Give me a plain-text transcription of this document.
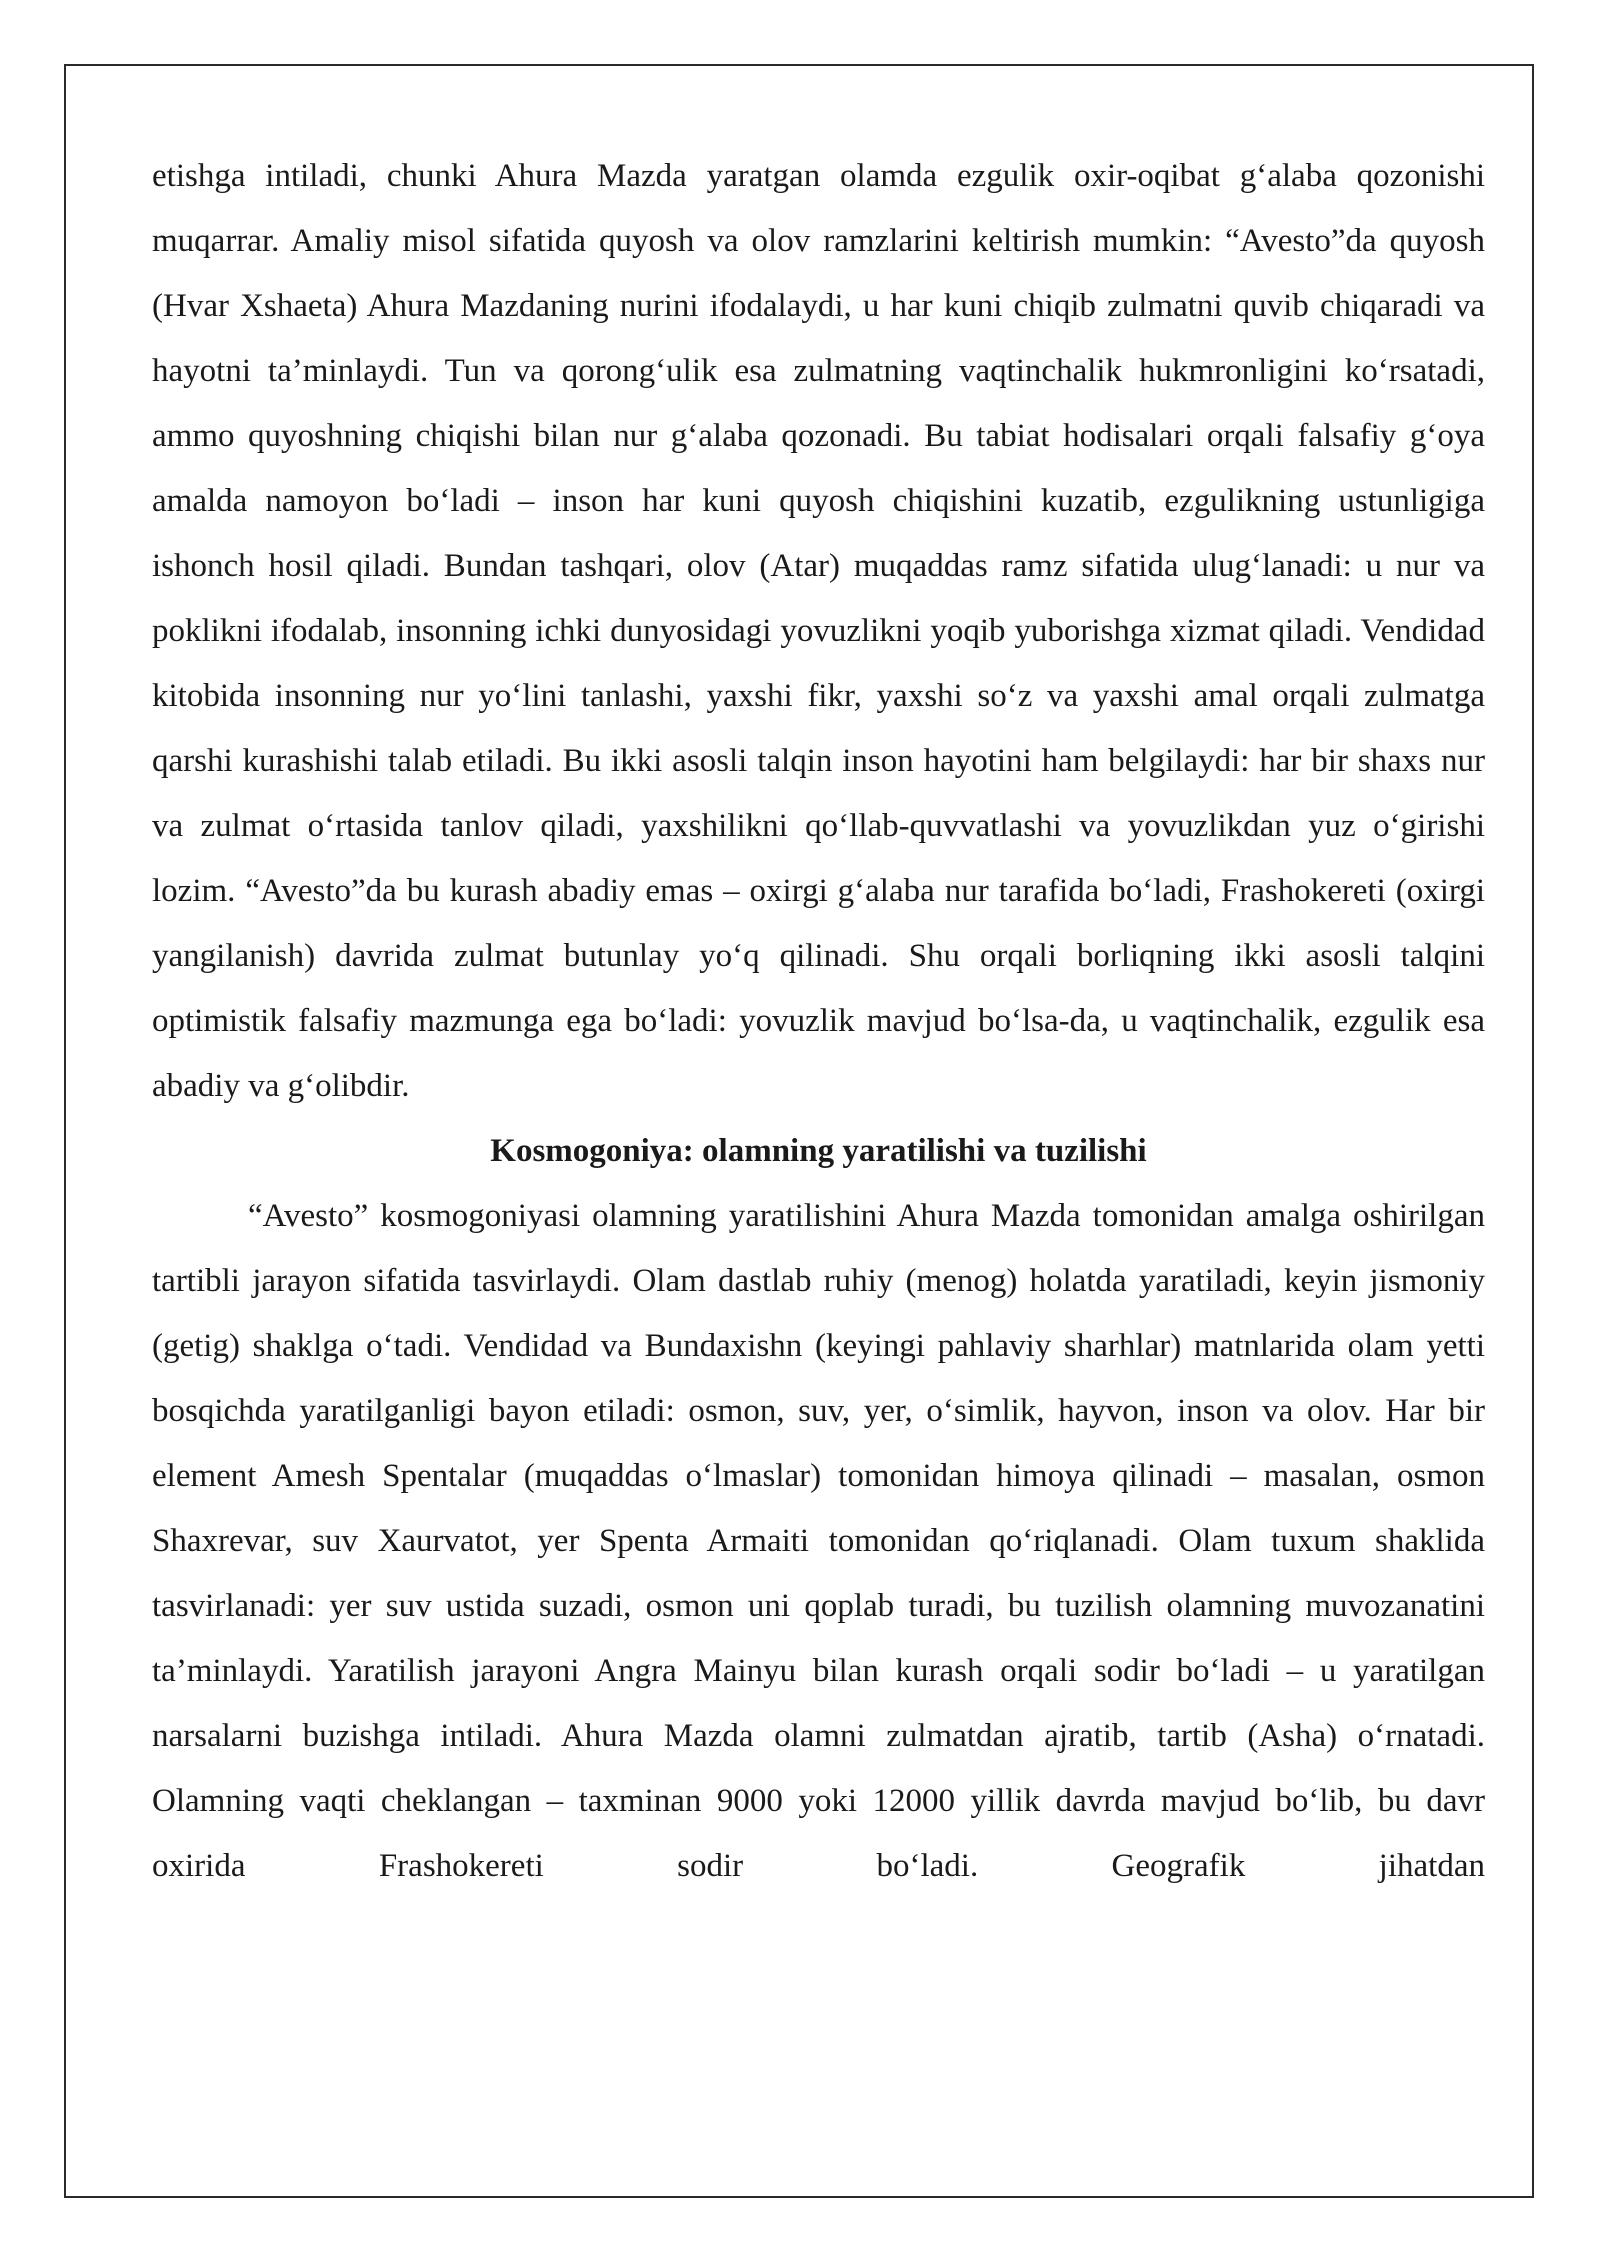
etishga intiladi, chunki Ahura Mazda yaratgan olamda ezgulik oxir-oqibat g‘alaba qozonishi muqarrar. Amaliy misol sifatida quyosh va olov ramzlarini keltirish mumkin: “Avesto”da quyosh (Hvar Xshaeta) Ahura Mazdaning nurini ifodalaydi, u har kuni chiqib zulmatni quvib chiqaradi va hayotni ta’minlaydi. Tun va qorong‘ulik esa zulmatning vaqtinchalik hukmronligini ko‘rsatadi, ammo quyoshning chiqishi bilan nur g‘alaba qozonadi. Bu tabiat hodisalari orqali falsafiy g‘oya amalda namoyon bo‘ladi – inson har kuni quyosh chiqishini kuzatib, ezgulikning ustunligiga ishonch hosil qiladi. Bundan tashqari, olov (Atar) muqaddas ramz sifatida ulug‘lanadi: u nur va poklikni ifodalab, insonning ichki dunyosidagi yovuzlikni yoqib yuborishga xizmat qiladi. Vendidad kitobida insonning nur yo‘lini tanlashi, yaxshi fikr, yaxshi so‘z va yaxshi amal orqali zulmatga qarshi kurashishi talab etiladi. Bu ikki asosli talqin inson hayotini ham belgilaydi: har bir shaxs nur va zulmat o‘rtasida tanlov qiladi, yaxshilikni qo‘llab-quvvatlashi va yovuzlikdan yuz o‘girishi lozim. “Avesto”da bu kurash abadiy emas – oxirgi g‘alaba nur tarafida bo‘ladi, Frashokereti (oxirgi yangilanish) davrida zulmat butunlay yo‘q qilinadi. Shu orqali borliqning ikki asosli talqini optimistik falsafiy mazmunga ega bo‘ladi: yovuzlik mavjud bo‘lsa-da, u vaqtinchalik, ezgulik esa abadiy va g‘olibdir.

Kosmogoniya: olamning yaratilishi va tuzilishi

“Avesto” kosmogoniyasi olamning yaratilishini Ahura Mazda tomonidan amalga oshirilgan tartibli jarayon sifatida tasvirlaydi. Olam dastlab ruhiy (menog) holatda yaratiladi, keyin jismoniy (getig) shaklga o‘tadi. Vendidad va Bundaxishn (keyingi pahlaviy sharhlar) matnlarida olam yetti bosqichda yaratilganligi bayon etiladi: osmon, suv, yer, o‘simlik, hayvon, inson va olov. Har bir element Amesh Spentalar (muqaddas o‘lmaslar) tomonidan himoya qilinadi – masalan, osmon Shaxrevar, suv Xaurvatot, yer Spenta Armaiti tomonidan qo‘riqlanadi. Olam tuxum shaklida tasvirlanadi: yer suv ustida suzadi, osmon uni qoplab turadi, bu tuzilish olamning muvozanatini ta’minlaydi. Yaratilish jarayoni Angra Mainyu bilan kurash orqali sodir bo‘ladi – u yaratilgan narsalarni buzishga intiladi. Ahura Mazda olamni zulmatdan ajratib, tartib (Asha) o‘rnatadi. Olamning vaqti cheklangan – taxminan 9000 yoki 12000 yillik davrda mavjud bo‘lib, bu davr oxirida Frashokereti sodir bo‘ladi. Geografik jihatdan
